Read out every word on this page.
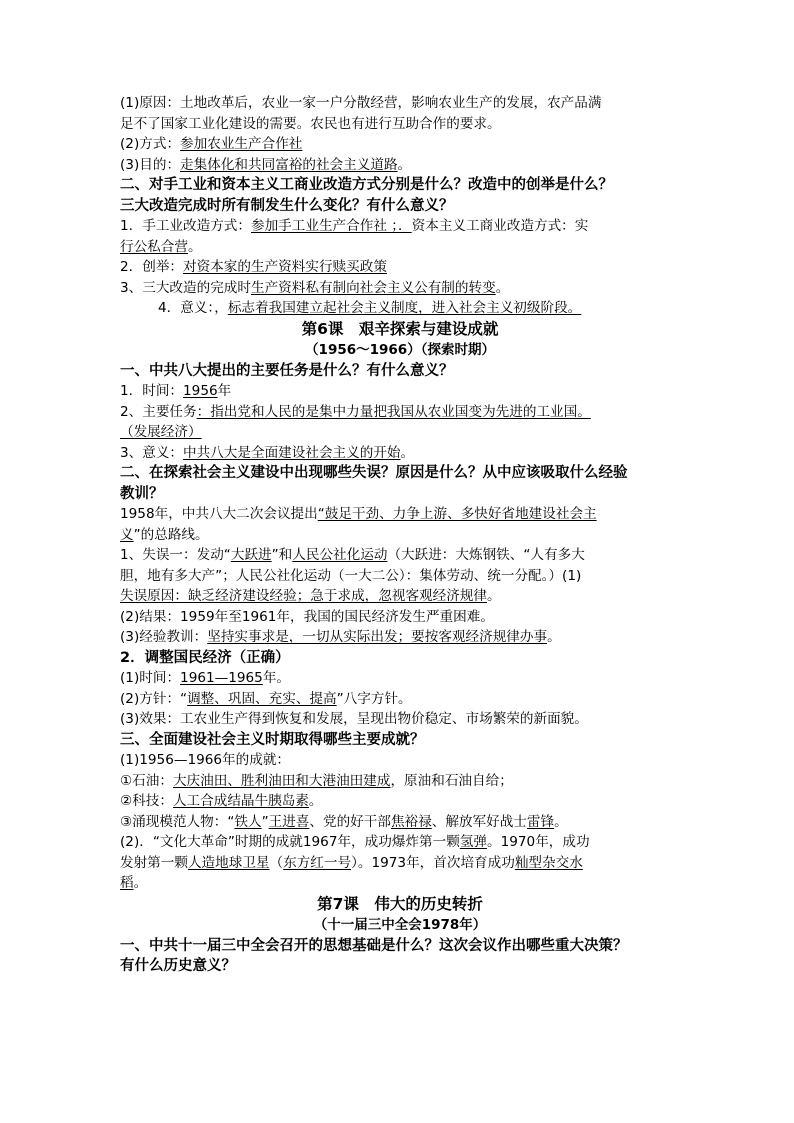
(1)原因：土地改革后，农业一家一户分散经营，影响农业生产的发展，农产品满
足不了国家工业化建设的需要。农民也有进行互助合作的要求。
(2)方式：参加农业生产合作社
(3)目的：走集体化和共同富裕的社会主义道路。
二、对手工业和资本主义工商业改造方式分别是什么？改造中的创举是什么？
三大改造完成时所有制发生什么变化？有什么意义？
1．手工业改造方式：参加手工业生产合作社 ；．资本主义工商业改造方式：实
行公私合营。
2．创举：对资本家的生产资料实行赎买政策
3、三大改造的完成时生产资料私有制向社会主义公有制的转变。
4．意义：，标志着我国建立起社会主义制度，进入社会主义初级阶段。
第6课　艰辛探索与建设成就
（1956～1966）（探索时期）
一、中共八大提出的主要任务是什么？有什么意义？
1．时间：1956年
2、主要任务：指出党和人民的是集中力量把我国从农业国变为先进的工业国。
（发展经济）
3、意义：中共八大是全面建设社会主义的开始。
二、在探索社会主义建设中出现哪些失误？原因是什么？从中应该吸取什么经验
教训？
1958年，中共八大二次会议提出“鼓足干劲、力争上游、多快好省地建设社会主
义”的总路线。
1、失误一：发动“大跃进”和人民公社化运动（大跃进：大炼钢铁、“人有多大
胆，地有多大产”；人民公社化运动（一大二公）：集体劳动、统一分配。）(1)
失误原因：缺乏经济建设经验；急于求成，忽视客观经济规律。
(2)结果：1959年至1961年，我国的国民经济发生严重困难。
(3)经验教训：坚持实事求是，一切从实际出发；要按客观经济规律办事。
2．调整国民经济（正确）
(1)时间：1961—1965年。
(2)方针：“调整、巩固、充实、提高”八字方针。
(3)效果：工农业生产得到恢复和发展，呈现出物价稳定、市场繁荣的新面貌。
三、全面建设社会主义时期取得哪些主要成就？
(1)1956—1966年的成就：
①石油：大庆油田、胜利油田和大港油田建成，原油和石油自给；
②科技：人工合成结晶牛胰岛素。
③涌现模范人物：“铁人”王进喜、党的好干部焦裕禄、解放军好战士雷锋。
(2)．“文化大革命”时期的成就1967年，成功爆炸第一颗氢弹。1970年，成功
发射第一颗人造地球卫星（东方红一号）。1973年，首次培育成功籼型杂交水
稻。
第7课　伟大的历史转折
（十一届三中全会1978年）
一、中共十一届三中全会召开的思想基础是什么？这次会议作出哪些重大决策？
有什么历史意义？
